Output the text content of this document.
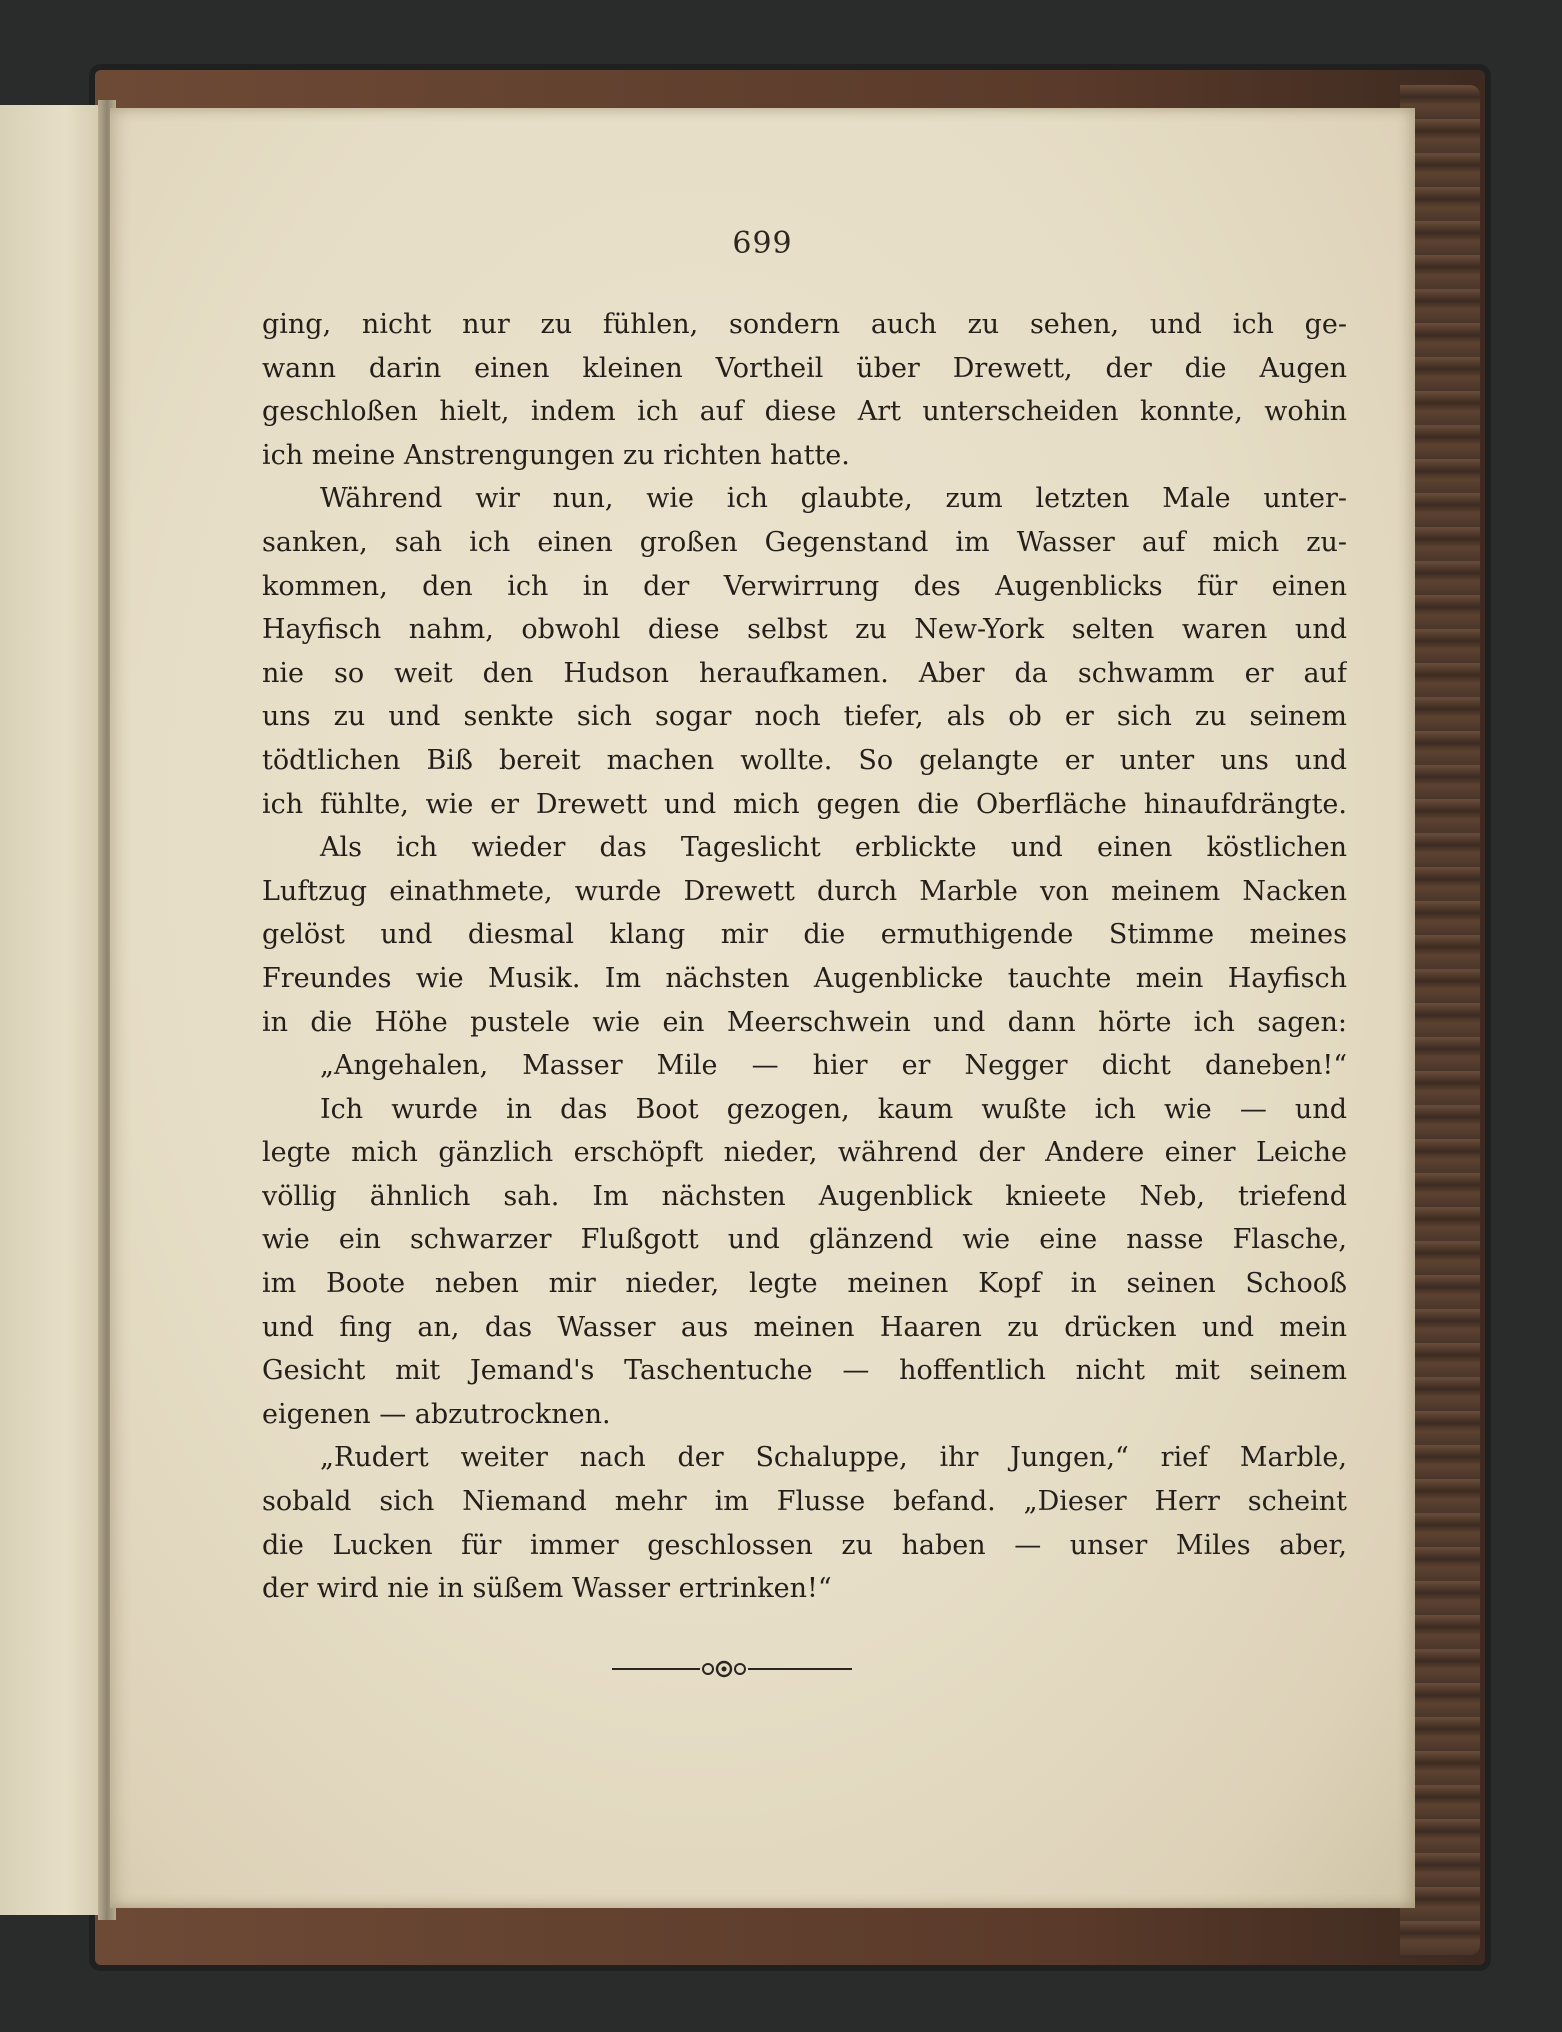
699
ging, nicht nur zu fühlen, sondern auch zu sehen, und ich ge-
wann darin einen kleinen Vortheil über Drewett, der die Augen
geschloßen hielt, indem ich auf diese Art unterscheiden konnte, wohin
ich meine Anstrengungen zu richten hatte.
Während wir nun, wie ich glaubte, zum letzten Male unter-
sanken, sah ich einen großen Gegenstand im Wasser auf mich zu-
kommen, den ich in der Verwirrung des Augenblicks für einen
Hayfisch nahm, obwohl diese selbst zu New-York selten waren und
nie so weit den Hudson heraufkamen. Aber da schwamm er auf
uns zu und senkte sich sogar noch tiefer, als ob er sich zu seinem
tödtlichen Biß bereit machen wollte. So gelangte er unter uns und
ich fühlte, wie er Drewett und mich gegen die Oberfläche hinaufdrängte.
Als ich wieder das Tageslicht erblickte und einen köstlichen
Luftzug einathmete, wurde Drewett durch Marble von meinem Nacken
gelöst und diesmal klang mir die ermuthigende Stimme meines
Freundes wie Musik. Im nächsten Augenblicke tauchte mein Hayfisch
in die Höhe pustele wie ein Meerschwein und dann hörte ich sagen:
„Angehalen, Masser Mile — hier er Negger dicht daneben!“
Ich wurde in das Boot gezogen, kaum wußte ich wie — und
legte mich gänzlich erschöpft nieder, während der Andere einer Leiche
völlig ähnlich sah. Im nächsten Augenblick knieete Neb, triefend
wie ein schwarzer Flußgott und glänzend wie eine nasse Flasche,
im Boote neben mir nieder, legte meinen Kopf in seinen Schooß
und fing an, das Wasser aus meinen Haaren zu drücken und mein
Gesicht mit Jemand's Taschentuche — hoffentlich nicht mit seinem
eigenen — abzutrocknen.
„Rudert weiter nach der Schaluppe, ihr Jungen,“ rief Marble,
sobald sich Niemand mehr im Flusse befand. „Dieser Herr scheint
die Lucken für immer geschlossen zu haben — unser Miles aber,
der wird nie in süßem Wasser ertrinken!“
